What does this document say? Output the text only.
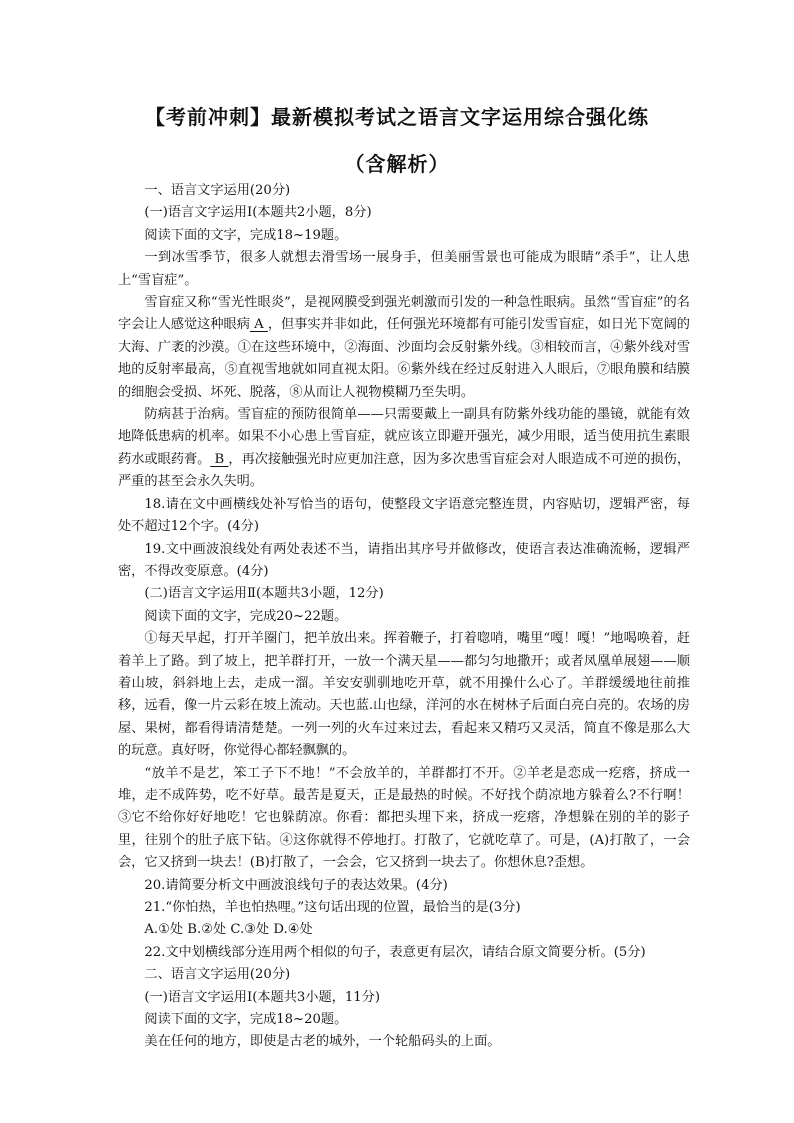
【考前冲刺】最新模拟考试之语言文字运用综合强化练
（含解析）

一、语言文字运用(20分)

(一)语言文字运用Ⅰ(本题共2小题，8分)

阅读下面的文字，完成18~19题。

一到冰雪季节，很多人就想去滑雪场一展身手，但美丽雪景也可能成为眼睛“杀手”，让人患上“雪盲症”。

雪盲症又称“雪光性眼炎”，是视网膜受到强光刺激而引发的一种急性眼病。虽然“雪盲症”的名字会让人感觉这种眼病 A ，但事实并非如此，任何强光环境都有可能引发雪盲症，如日光下宽阔的大海、广袤的沙漠。①在这些环境中，②海面、沙面均会反射紫外线。③相较而言，④紫外线对雪地的反射率最高，⑤直视雪地就如同直视太阳。⑥紫外线在经过反射进入人眼后，⑦眼角膜和结膜的细胞会受损、坏死、脱落，⑧从而让人视物模糊乃至失明。

防病甚于治病。雪盲症的预防很简单——只需要戴上一副具有防紫外线功能的墨镜，就能有效地降低患病的机率。如果不小心患上雪盲症，就应该立即避开强光，减少用眼，适当使用抗生素眼药水或眼药膏。 B ，再次接触强光时应更加注意，因为多次患雪盲症会对人眼造成不可逆的损伤，严重的甚至会永久失明。

18.请在文中画横线处补写恰当的语句，使整段文字语意完整连贯，内容贴切，逻辑严密，每处不超过12个字。(4分)

19.文中画波浪线处有两处表述不当，请指出其序号并做修改，使语言表达准确流畅，逻辑严密，不得改变原意。(4分)

(二)语言文字运用Ⅱ(本题共3小题，12分)

阅读下面的文字，完成20~22题。

①每天早起，打开羊圈门，把羊放出来。挥着鞭子，打着唿哨，嘴里“嘎！嘎！”地喝唤着，赶着羊上了路。到了坡上，把羊群打开，一放一个满天星——都匀匀地撒开；或者凤凰单展翅——顺着山坡，斜斜地上去，走成一溜。羊安安驯驯地吃开草，就不用操什么心了。羊群缓缓地往前推移，远看，像一片云彩在坡上流动。天也蓝.山也绿，洋河的水在树林子后面白亮白亮的。农场的房屋、果树，都看得请清楚楚。一列一列的火车过来过去，看起来又精巧又灵活，简直不像是那么大的玩意。真好呀，你觉得心都轻飘飘的。

“放羊不是艺，笨工子下不地！”不会放羊的，羊群都打不开。②羊老是恋成一疙瘩，挤成一堆，走不成阵势，吃不好草。最苦是夏天，正是最热的时候。不好找个荫凉地方躲着么?不行啊！③它不给你好好地吃！它也躲荫凉。你看：都把头埋下来，挤成一疙瘩，净想躲在别的羊的影子里，往别个的肚子底下钻。④这你就得不停地打。打散了，它就吃草了。可是，(A)打散了，一会会，它又挤到一块去！(B)打散了，一会会，它又挤到一块去了。你想休息?歪想。

20.请简要分析文中画波浪线句子的表达效果。(4分)

21.“你怕热，羊也怕热哩。”这句话出现的位置，最恰当的是(3分)

A.①处 B.②处 C.③处 D.④处

22.文中划横线部分连用两个相似的句子，表意更有层次，请结合原文简要分析。(5分)

二、语言文字运用(20分)

(一)语言文字运用Ⅰ(本题共3小题，11分)

阅读下面的文字，完成18~20题。

美在任何的地方，即使是古老的城外，一个轮船码头的上面。
